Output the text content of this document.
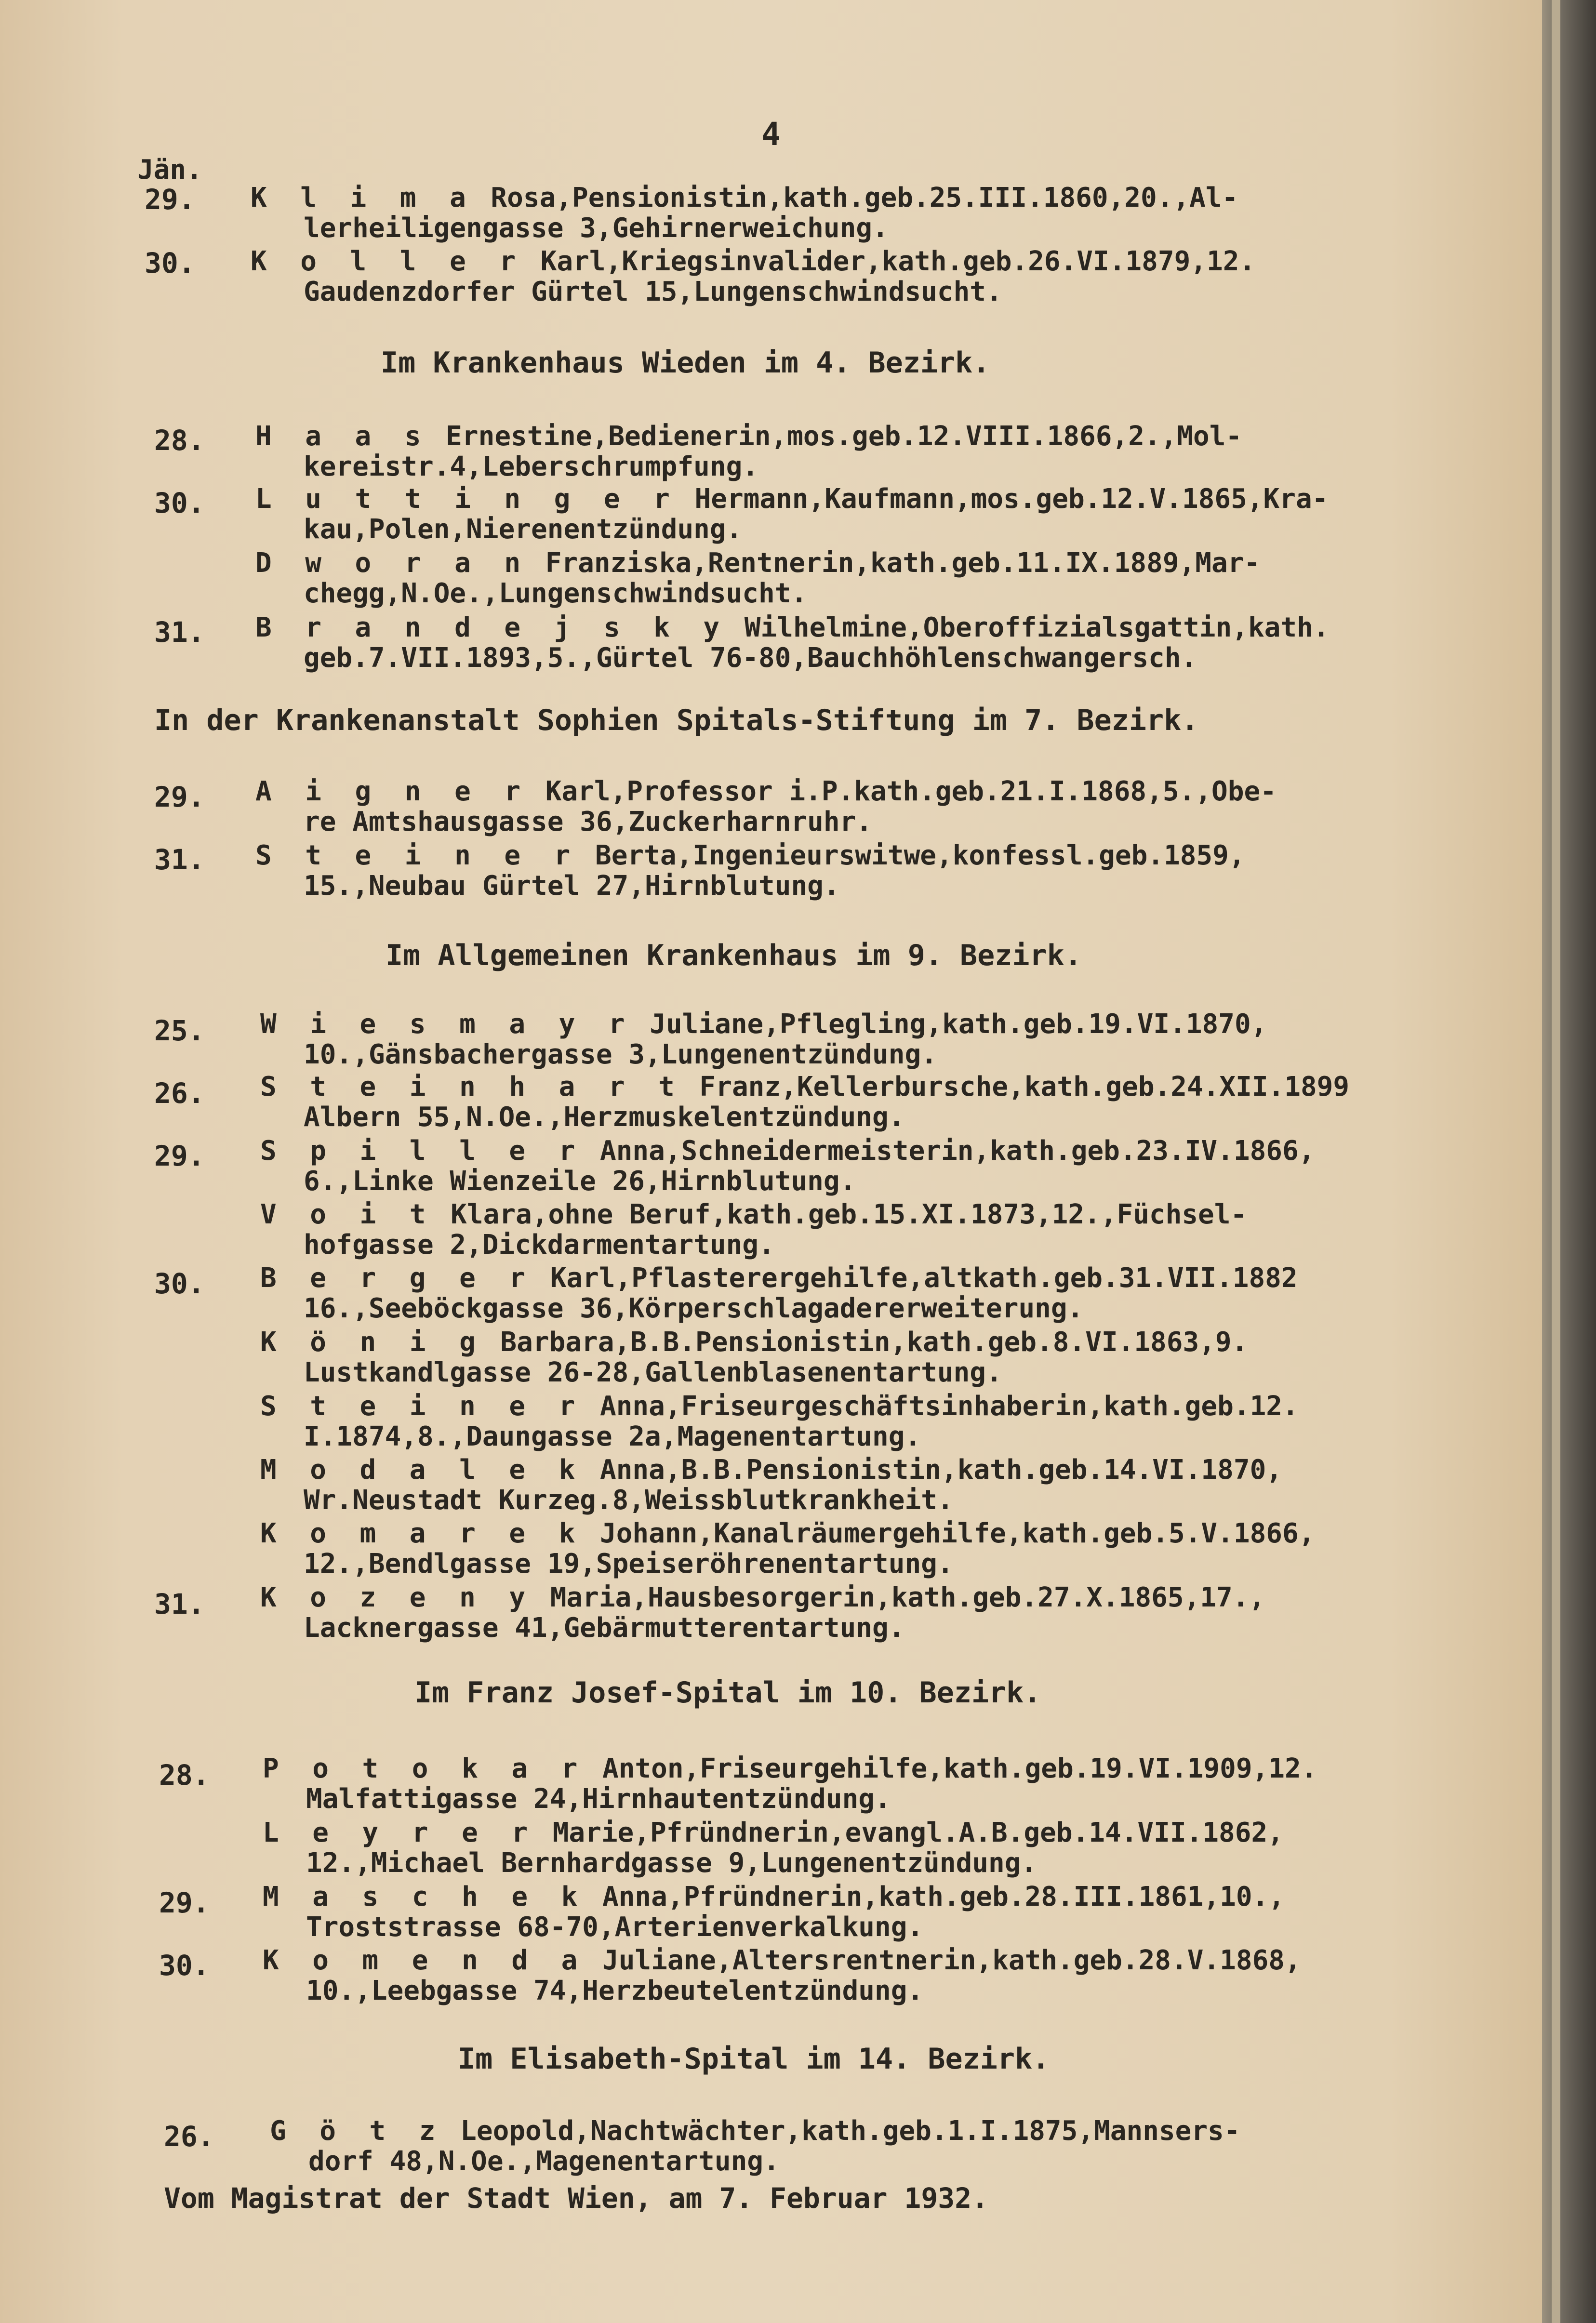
4
Jän.
29. K l i m a Rosa,Pensionistin,kath.geb.25.III.1860,20.,Al-
lerheiligengasse 3,Gehirnerweichung.
30. K o l l e r Karl,Kriegsinvalider,kath.geb.26.VI.1879,12.
Gaudenzdorfer Gürtel 15,Lungenschwindsucht.
Im Krankenhaus Wieden im 4. Bezirk.
28. H a a s Ernestine,Bedienerin,mos.geb.12.VIII.1866,2.,Mol-
kereistr.4,Leberschrumpfung.
30. L u t t i n g e r Hermann,Kaufmann,mos.geb.12.V.1865,Kra-
kau,Polen,Nierenentzündung.
D w o r a n Franziska,Rentnerin,kath.geb.11.IX.1889,Mar-
chegg,N.Oe.,Lungenschwindsucht.
31. B r a n d e j s k y Wilhelmine,Oberoffizialsgattin,kath.
geb.7.VII.1893,5.,Gürtel 76-80,Bauchhöhlenschwangersch.
In der Krankenanstalt Sophien Spitals-Stiftung im 7. Bezirk.
29. A i g n e r Karl,Professor i.P.kath.geb.21.I.1868,5.,Obe-
re Amtshausgasse 36,Zuckerharnruhr.
31. S t e i n e r Berta,Ingenieurswitwe,konfessl.geb.1859,
15.,Neubau Gürtel 27,Hirnblutung.
Im Allgemeinen Krankenhaus im 9. Bezirk.
25. W i e s m a y r Juliane,Pflegling,kath.geb.19.VI.1870,
10.,Gänsbachergasse 3,Lungenentzündung.
26. S t e i n h a r t Franz,Kellerbursche,kath.geb.24.XII.1899
Albern 55,N.Oe.,Herzmuskelentzündung.
29. S p i l l e r Anna,Schneidermeisterin,kath.geb.23.IV.1866,
6.,Linke Wienzeile 26,Hirnblutung.
V o i t Klara,ohne Beruf,kath.geb.15.XI.1873,12.,Füchsel-
hofgasse 2,Dickdarmentartung.
30. B e r g e r Karl,Pflasterergehilfe,altkath.geb.31.VII.1882
16.,Seeböckgasse 36,Körperschlagadererweiterung.
K ö n i g Barbara,B.B.Pensionistin,kath.geb.8.VI.1863,9.
Lustkandlgasse 26-28,Gallenblasenentartung.
S t e i n e r Anna,Friseurgeschäftsinhaberin,kath.geb.12.
I.1874,8.,Daungasse 2a,Magenentartung.
M o d a l e k Anna,B.B.Pensionistin,kath.geb.14.VI.1870,
Wr.Neustadt Kurzeg.8,Weissblutkrankheit.
K o m a r e k Johann,Kanalräumergehilfe,kath.geb.5.V.1866,
12.,Bendlgasse 19,Speiseröhrenentartung.
31. K o z e n y Maria,Hausbesorgerin,kath.geb.27.X.1865,17.,
Lacknergasse 41,Gebärmutterentartung.
Im Franz Josef-Spital im 10. Bezirk.
28. P o t o k a r Anton,Friseurgehilfe,kath.geb.19.VI.1909,12.
Malfattigasse 24,Hirnhautentzündung.
L e y r e r Marie,Pfründnerin,evangl.A.B.geb.14.VII.1862,
12.,Michael Bernhardgasse 9,Lungenentzündung.
29. M a s c h e k Anna,Pfründnerin,kath.geb.28.III.1861,10.,
Troststrasse 68-70,Arterienverkalkung.
30. K o m e n d a Juliane,Altersrentnerin,kath.geb.28.V.1868,
10.,Leebgasse 74,Herzbeutelentzündung.
Im Elisabeth-Spital im 14. Bezirk.
26. G ö t z Leopold,Nachtwächter,kath.geb.1.I.1875,Mannsers-
dorf 48,N.Oe.,Magenentartung.
Vom Magistrat der Stadt Wien, am 7. Februar 1932.
